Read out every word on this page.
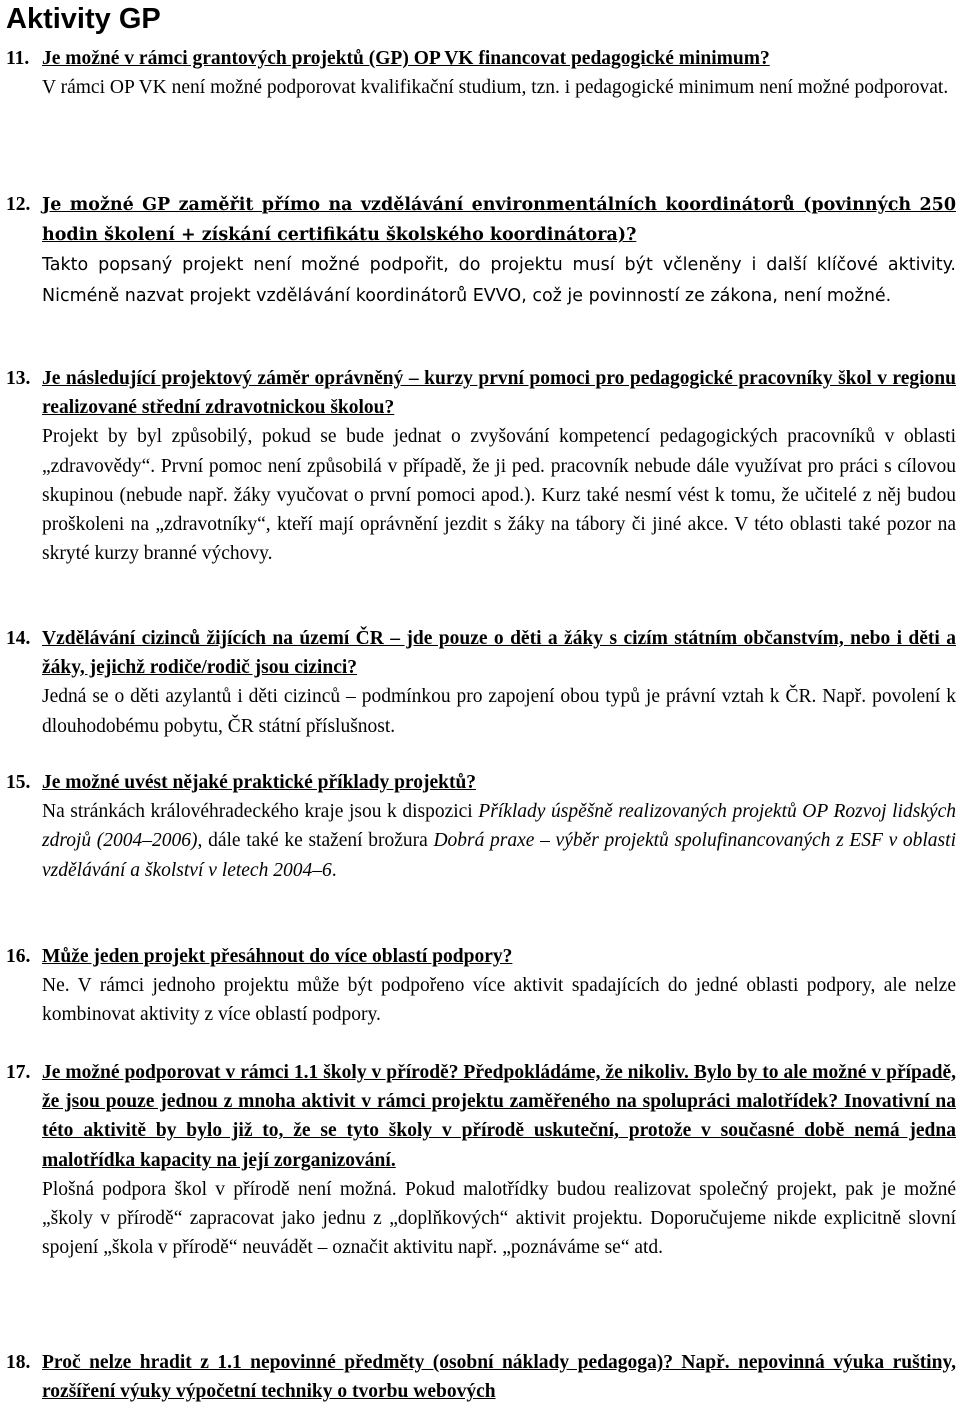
Aktivity GP
11. Je možné v rámci grantových projektů (GP) OP VK financovat pedagogické minimum?
V rámci OP VK není možné podporovat kvalifikační studium, tzn. i pedagogické minimum není možné podporovat.
12. Je možné GP zaměřit přímo na vzdělávání environmentálních koordinátorů (povinných 250 hodin školení + získání certifikátu školského koordinátora)?
Takto popsaný projekt není možné podpořit, do projektu musí být včleněny i další klíčové aktivity. Nicméně nazvat projekt vzdělávání koordinátorů EVVO, což je povinností ze zákona, není možné.
13. Je následující projektový záměr oprávněný – kurzy první pomoci pro pedagogické pracovníky škol v regionu realizované střední zdravotnickou školou?
Projekt by byl způsobilý, pokud se bude jednat o zvyšování kompetencí pedagogických pracovníků v oblasti „zdravovědy“. První pomoc není způsobilá v případě, že ji ped. pracovník nebude dále využívat pro práci s cílovou skupinou (nebude např. žáky vyučovat o první pomoci apod.). Kurz také nesmí vést k tomu, že učitelé z něj budou proškoleni na „zdravotníky“, kteří mají oprávnění jezdit s žáky na tábory či jiné akce. V této oblasti také pozor na skryté kurzy branné výchovy.
14. Vzdělávání cizinců žijících na území ČR – jde pouze o děti a žáky s cizím státním občanstvím, nebo i děti a žáky, jejichž rodiče/rodič jsou cizinci?
Jedná se o děti azylantů i děti cizinců – podmínkou pro zapojení obou typů je právní vztah k ČR. Např. povolení k dlouhodobému pobytu, ČR státní příslušnost.
15. Je možné uvést nějaké praktické příklady projektů?
Na stránkách královéhradeckého kraje jsou k dispozici Příklady úspěšně realizovaných projektů OP Rozvoj lidských zdrojů (2004–2006), dále také ke stažení brožura Dobrá praxe – výběr projektů spolufinancovaných z ESF v oblasti vzdělávání a školství v letech 2004–6.
16. Může jeden projekt přesáhnout do více oblastí podpory?
Ne. V rámci jednoho projektu může být podpořeno více aktivit spadajících do jedné oblasti podpory, ale nelze kombinovat aktivity z více oblastí podpory.
17. Je možné podporovat v rámci 1.1 školy v přírodě? Předpokládáme, že nikoliv. Bylo by to ale možné v případě, že jsou pouze jednou z mnoha aktivit v rámci projektu zaměřeného na spolupráci malotřídek? Inovativní na této aktivitě by bylo již to, že se tyto školy v přírodě uskuteční, protože v současné době nemá jedna malotřídka kapacity na její zorganizování.
Plošná podpora škol v přírodě není možná. Pokud malotřídky budou realizovat společný projekt, pak je možné „školy v přírodě“ zapracovat jako jednu z „doplňkových“ aktivit projektu. Doporučujeme nikde explicitně slovní spojení „škola v přírodě“ neuvádět – označit aktivitu např. „poznáváme se“ atd.
18. Proč nelze hradit z 1.1 nepovinné předměty (osobní náklady pedagoga)? Např. nepovinná výuka ruštiny, rozšíření výuky výpočetní techniky o tvorbu webových
